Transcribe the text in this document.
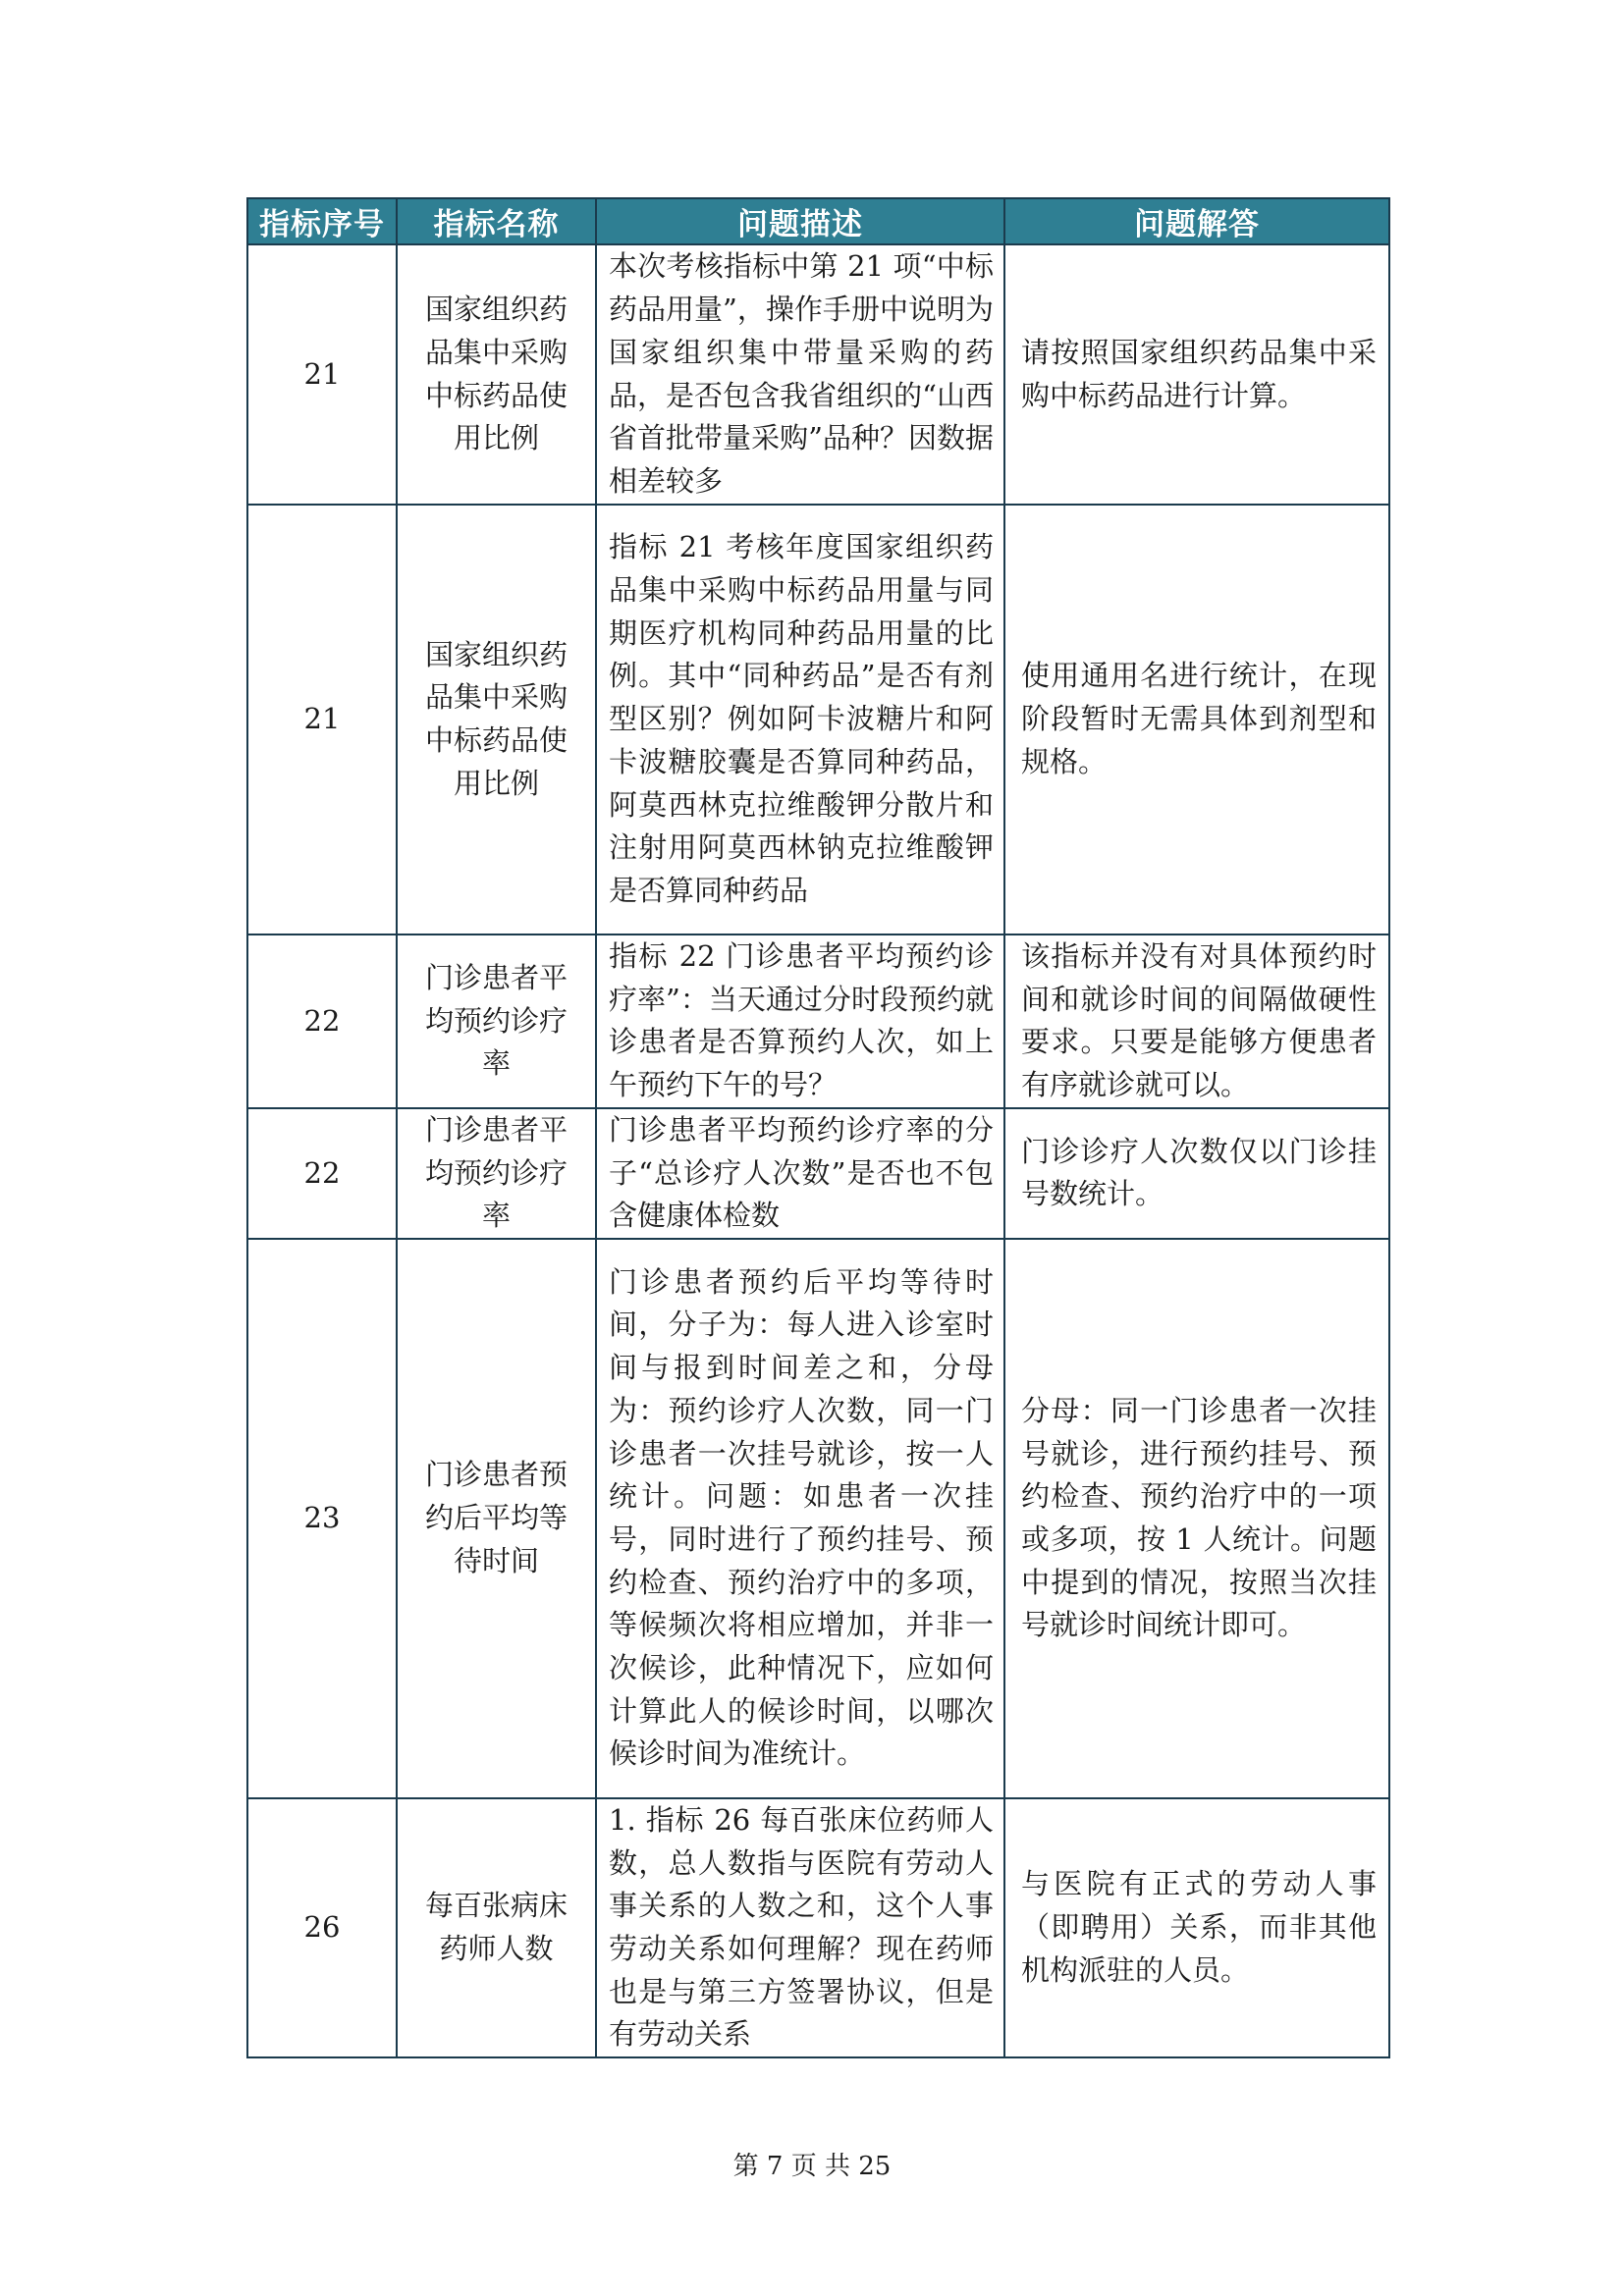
指标序号	指标名称	问题描述	问题解答
21	国家组织药品集中采购中标药品使用比例	本次考核指标中第 21 项“中标药品用量”，操作手册中说明为国家组织集中带量采购的药品，是否包含我省组织的“山西省首批带量采购”品种？因数据相差较多	请按照国家组织药品集中采购中标药品进行计算。
21	国家组织药品集中采购中标药品使用比例	指标 21 考核年度国家组织药品集中采购中标药品用量与同期医疗机构同种药品用量的比例。其中“同种药品”是否有剂型区别？例如阿卡波糖片和阿卡波糖胶囊是否算同种药品，阿莫西林克拉维酸钾分散片和注射用阿莫西林钠克拉维酸钾是否算同种药品	使用通用名进行统计，在现阶段暂时无需具体到剂型和规格。
22	门诊患者平均预约诊疗率	指标 22 门诊患者平均预约诊疗率”：当天通过分时段预约就诊患者是否算预约人次，如上午预约下午的号？	该指标并没有对具体预约时间和就诊时间的间隔做硬性要求。只要是能够方便患者有序就诊就可以。
22	门诊患者平均预约诊疗率	门诊患者平均预约诊疗率的分子“总诊疗人次数”是否也不包含健康体检数	门诊诊疗人次数仅以门诊挂号数统计。
23	门诊患者预约后平均等待时间	门诊患者预约后平均等待时间，分子为：每人进入诊室时间与报到时间差之和，分母为：预约诊疗人次数，同一门诊患者一次挂号就诊，按一人统计。问题：如患者一次挂号，同时进行了预约挂号、预约检查、预约治疗中的多项，等候频次将相应增加，并非一次候诊，此种情况下，应如何计算此人的候诊时间，以哪次候诊时间为准统计。	分母：同一门诊患者一次挂号就诊，进行预约挂号、预约检查、预约治疗中的一项或多项，按 1 人统计。问题中提到的情况，按照当次挂号就诊时间统计即可。
26	每百张病床药师人数	1. 指标 26 每百张床位药师人数，总人数指与医院有劳动人事关系的人数之和，这个人事劳动关系如何理解？现在药师也是与第三方签署协议，但是有劳动关系	与医院有正式的劳动人事（即聘用）关系，而非其他机构派驻的人员。
第 7 页 共 25
